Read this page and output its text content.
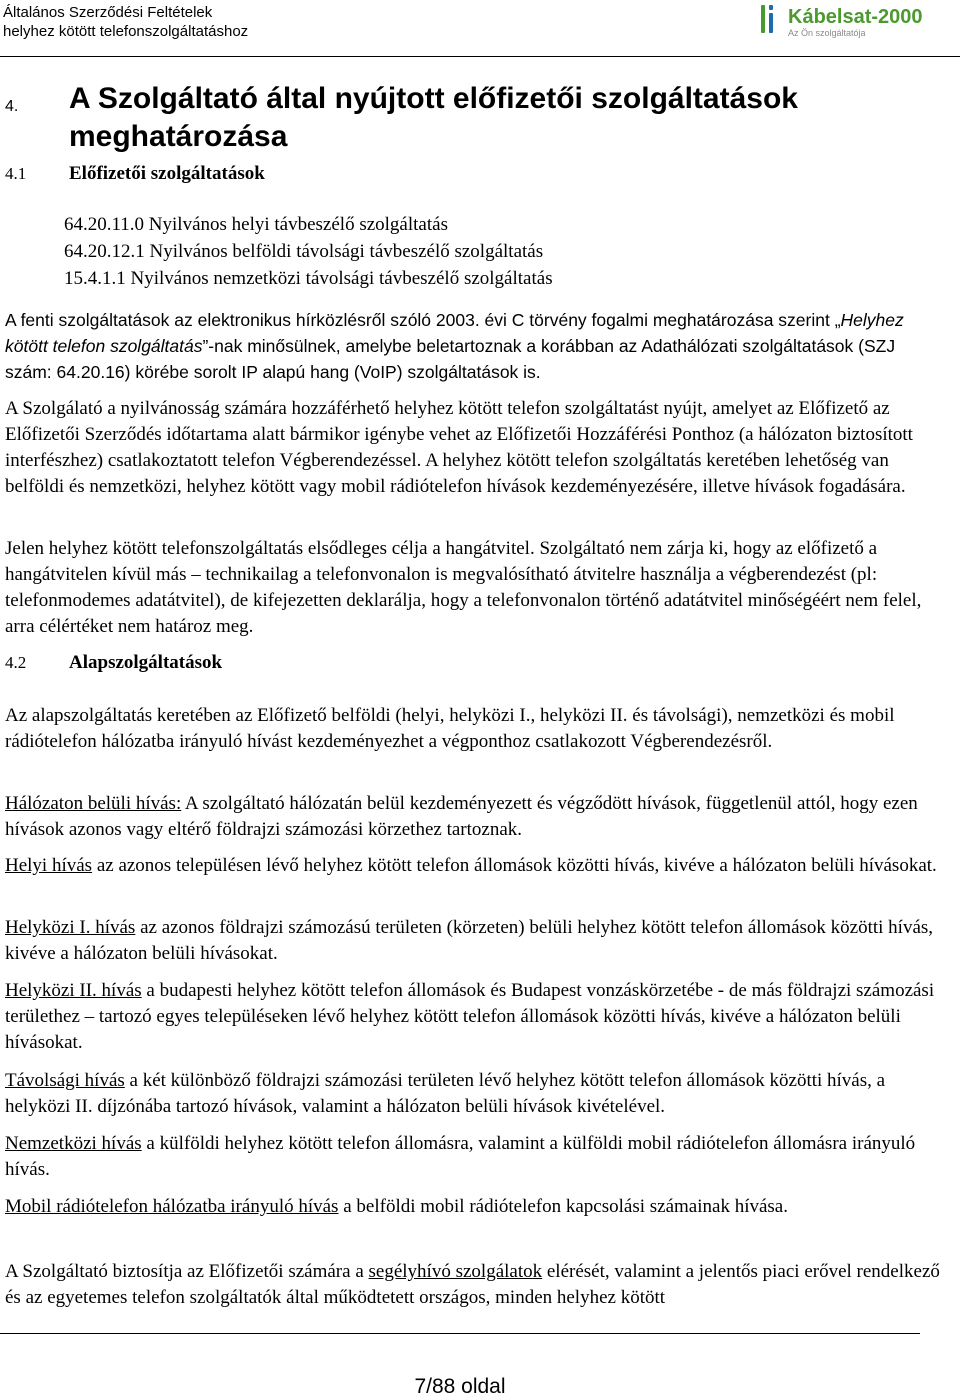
Általános Szerződési Feltételek
helyhez kötött telefonszolgáltatáshoz
Kábelsat-2000
Az Ön szolgáltatója
4. A Szolgáltató által nyújtott előfizetői szolgáltatások meghatározása
4.1 Előfizetői szolgáltatások
64.20.11.0 Nyilvános helyi távbeszélő szolgáltatás
64.20.12.1 Nyilvános belföldi távolsági távbeszélő szolgáltatás
15.4.1.1 Nyilvános nemzetközi távolsági távbeszélő szolgáltatás
A fenti szolgáltatások az elektronikus hírközlésről szóló 2003. évi C törvény fogalmi meghatározása szerint „Helyhez kötött telefon szolgáltatás”-nak minősülnek, amelybe beletartoznak a korábban az Adathálózati szolgáltatások (SZJ szám: 64.20.16) körébe sorolt IP alapú hang (VoIP) szolgáltatások is.
A Szolgálató a nyilvánosság számára hozzáférhető helyhez kötött telefon szolgáltatást nyújt, amelyet az Előfizető az Előfizetői Szerződés időtartama alatt bármikor igénybe vehet az Előfizetői Hozzáférési Ponthoz (a hálózaton biztosított interfészhez) csatlakoztatott telefon Végberendezéssel. A helyhez kötött telefon szolgáltatás keretében lehetőség van belföldi és nemzetközi, helyhez kötött vagy mobil rádiótelefon hívások kezdeményezésére, illetve hívások fogadására.
Jelen helyhez kötött telefonszolgáltatás elsődleges célja a hangátvitel. Szolgáltató nem zárja ki, hogy az előfizető a hangátvitelen kívül más – technikailag a telefonvonalon is megvalósítható átvitelre használja a végberendezést (pl: telefonmodemes adatátvitel), de kifejezetten deklarálja, hogy a telefonvonalon történő adatátvitel minőségéért nem felel, arra célértéket nem határoz meg.
4.2 Alapszolgáltatások
Az alapszolgáltatás keretében az Előfizető belföldi (helyi, helyközi I., helyközi II. és távolsági), nemzetközi és mobil rádiótelefon hálózatba irányuló hívást kezdeményezhet a végponthoz csatlakozott Végberendezésről.
Hálózaton belüli hívás: A szolgáltató hálózatán belül kezdeményezett és végződött hívások, függetlenül attól, hogy ezen hívások azonos vagy eltérő földrajzi számozási körzethez tartoznak.
Helyi hívás az azonos településen lévő helyhez kötött telefon állomások közötti hívás, kivéve a hálózaton belüli hívásokat.
Helyközi I. hívás az azonos földrajzi számozású területen (körzeten) belüli helyhez kötött telefon állomások közötti hívás, kivéve a hálózaton belüli hívásokat.
Helyközi II. hívás a budapesti helyhez kötött telefon állomások és Budapest vonzáskörzetébe - de más földrajzi számozási területhez – tartozó egyes településeken lévő helyhez kötött telefon állomások közötti hívás, kivéve a hálózaton belüli hívásokat.
Távolsági hívás a két különböző földrajzi számozási területen lévő helyhez kötött telefon állomások közötti hívás, a helyközi II. díjzónába tartozó hívások, valamint a hálózaton belüli hívások kivételével.
Nemzetközi hívás a külföldi helyhez kötött telefon állomásra, valamint a külföldi mobil rádiótelefon állomásra irányuló hívás.
Mobil rádiótelefon hálózatba irányuló hívás a belföldi mobil rádiótelefon kapcsolási számainak hívása.
A Szolgáltató biztosítja az Előfizetői számára a segélyhívó szolgálatok elérését, valamint a jelentős piaci erővel rendelkező és az egyetemes telefon szolgáltatók által működtetett országos, minden helyhez kötött
7/88 oldal
